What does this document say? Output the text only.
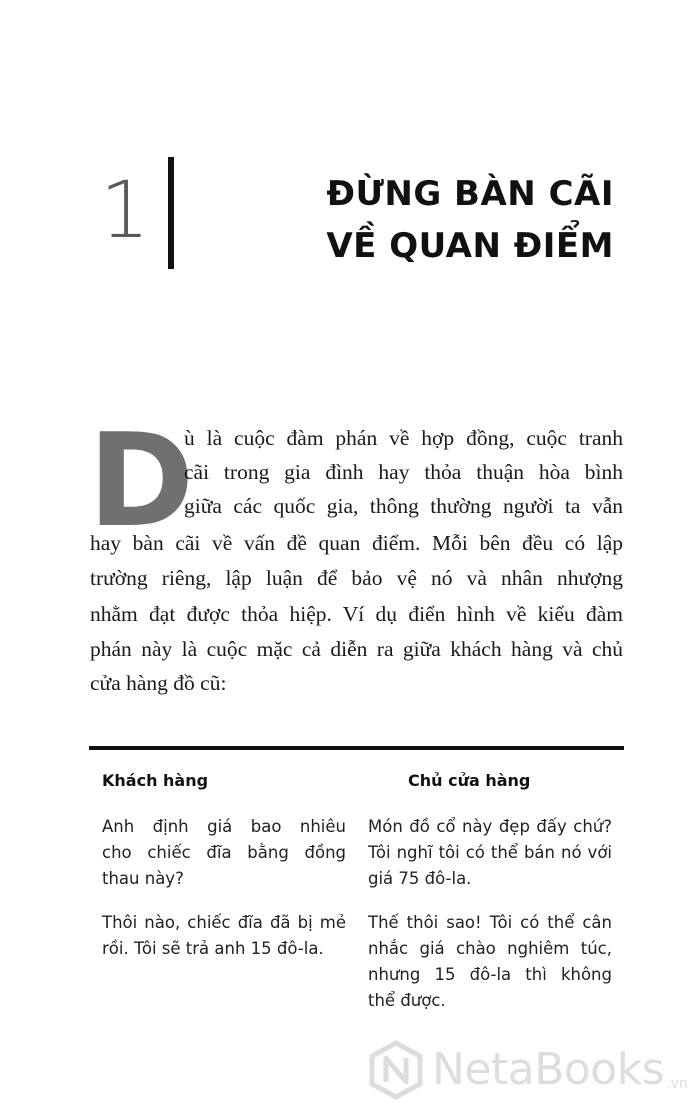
1	ĐỪNG BÀN CÃI
VỀ QUAN ĐIỂM
D
ù là cuộc đàm phán về hợp đồng, cuộc tranh
cãi trong gia đình hay thỏa thuận hòa bình
giữa các quốc gia, thông thường người ta vẫn
hay bàn cãi về vấn đề quan điểm. Mỗi bên đều có lập
trường riêng, lập luận để bảo vệ nó và nhân nhượng
nhằm đạt được thỏa hiệp. Ví dụ điển hình về kiểu đàm
phán này là cuộc mặc cả diễn ra giữa khách hàng và chủ
cửa hàng đồ cũ:
Khách hàng	Chủ cửa hàng
Anh định giá bao nhiêu
cho chiếc đĩa bằng đồng
thau này?
Món đồ cổ này đẹp đấy chứ?
Tôi nghĩ tôi có thể bán nó với
giá 75 đô-la.
Thôi nào, chiếc đĩa đã bị mẻ
rồi. Tôi sẽ trả anh 15 đô-la.
Thế thôi sao! Tôi có thể cân
nhắc giá chào nghiêm túc,
nhưng 15 đô-la thì không
thể được.
NetaBooks .vn
